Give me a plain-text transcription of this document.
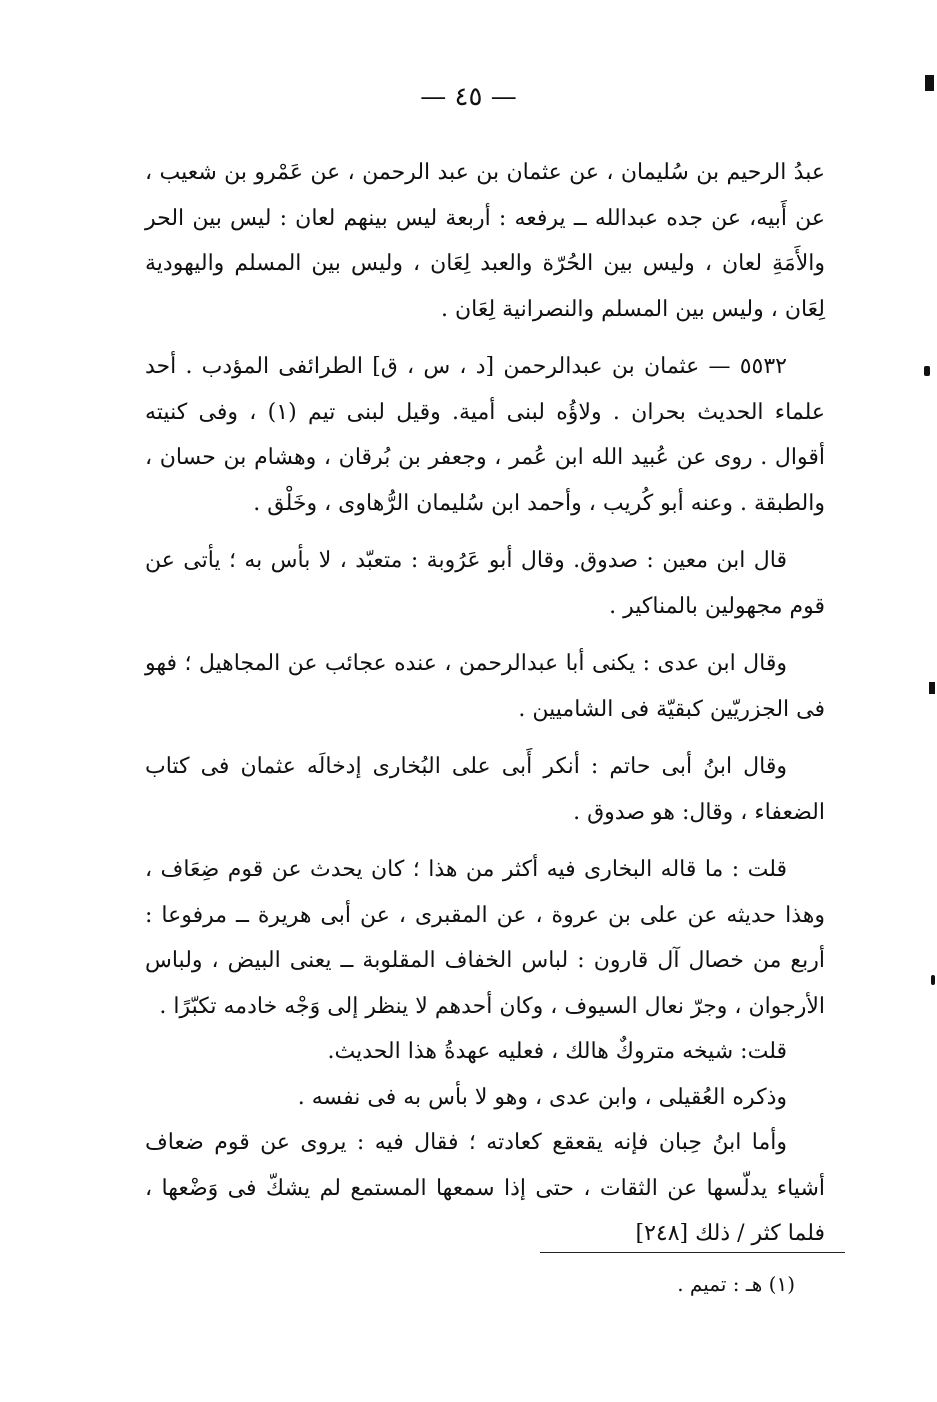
— ٤٥ —

عبدُ الرحيم بن سُليمان ، عن عثمان بن عبد الرحمن ، عن عَمْرو بن شعيب ، عن أَبيه، عن جده عبدالله ــ يرفعه : أربعة ليس بينهم لعان : ليس بين الحر والأَمَةِ لعان ، وليس بين الحُرّة والعبد لِعَان ، وليس بين المسلم واليهودية لِعَان ، وليس بين المسلم والنصرانية لِعَان .

٥٥٣٢ — عثمان بن عبدالرحمن [د ، س ، ق] الطرائفى المؤدب . أحد علماء الحديث بحران . ولاؤُه لبنى أمية. وقيل لبنى تيم (١) ، وفى كنيته أقوال . روى عن عُبيد الله ابن عُمر ، وجعفر بن بُرقان ، وهشام بن حسان ، والطبقة . وعنه أبو كُريب ، وأحمد ابن سُليمان الرُّهاوى ، وخَلْق .

قال ابن معين : صدوق. وقال أبو عَرُوبة : متعبّد ، لا بأس به ؛ يأتى عن قوم مجهولين بالمناكير .

وقال ابن عدى : يكنى أبا عبدالرحمن ، عنده عجائب عن المجاهيل ؛ فهو فى الجزريّين كبقيّة فى الشاميين .

وقال ابنُ أبى حاتم : أنكر أَبى على البُخارى إدخالَه عثمان فى كتاب الضعفاء ، وقال: هو صدوق .

قلت : ما قاله البخارى فيه أكثر من هذا ؛ كان يحدث عن قوم ضِعَاف ، وهذا حديثه عن على بن عروة ، عن المقبرى ، عن أبى هريرة ــ مرفوعا : أربع من خصال آل قارون : لباس الخفاف المقلوبة ــ يعنى البيض ، ولباس الأرجوان ، وجرّ نعال السيوف ، وكان أحدهم لا ينظر إلى وَجْه خادمه تكبّرًا .

قلت: شيخه متروكٌ هالك ، فعليه عهدةُ هذا الحديث.

وذكره العُقيلى ، وابن عدى ، وهو لا بأس به فى نفسه .

وأما ابنُ حِبان فإنه يقعقع كعادته ؛ فقال فيه : يروى عن قوم ضعاف أشياء يدلّسها عن الثقات ، حتى إذا سمعها المستمع لم يشكّ فى وَضْعها ، فلما كثر / ذلك [٢٤٨]

(١) هـ : تميم .
